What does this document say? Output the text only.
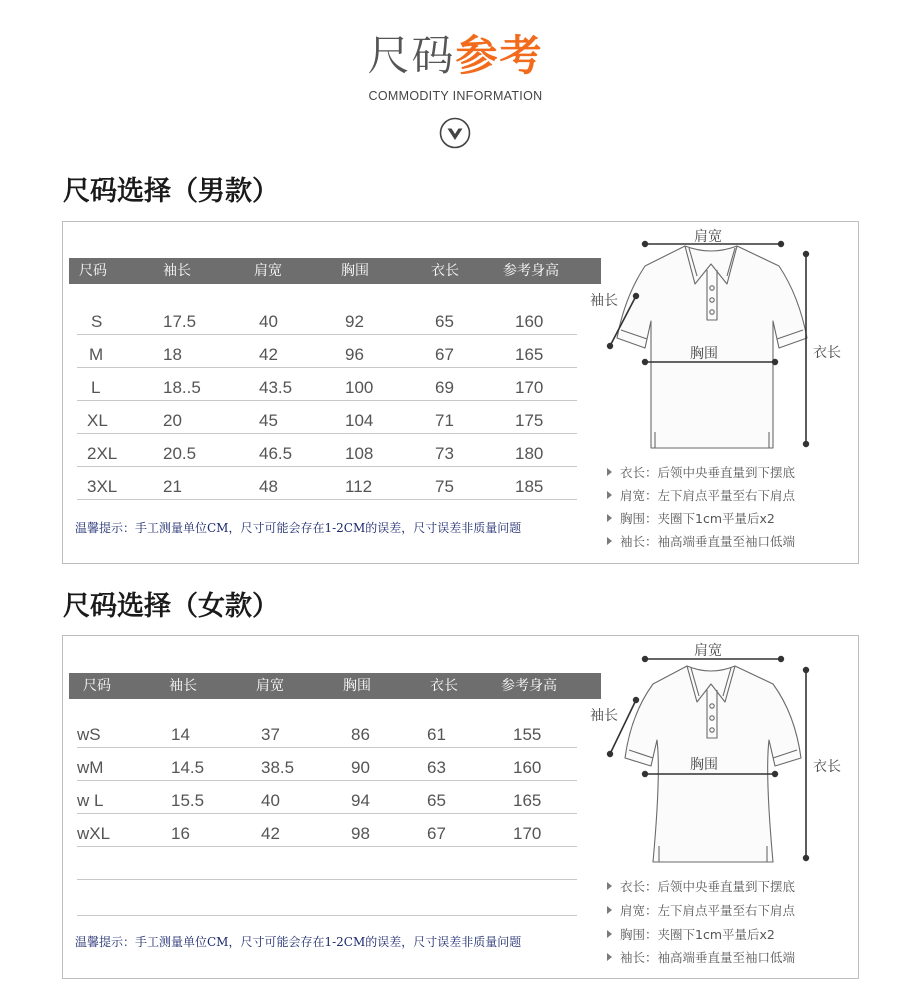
尺码参考
COMMODITY INFORMATION
尺码选择（男款）
尺码	袖长	肩宽	胸围	衣长	参考身高
S	17.5	40	92	65	160
M	18	42	96	67	165
L	18..5	43.5	100	69	170
XL	20	45	104	71	175
2XL	20.5	46.5	108	73	180
3XL	21	48	112	75	185
温馨提示：手工测量单位CM，尺寸可能会存在1-2CM的误差，尺寸误差非质量问题
肩宽
袖长
胸围	衣长
衣长：后领中央垂直量到下摆底
肩宽：左下肩点平量至右下肩点
胸围：夹圈下1cm平量后x2
袖长：袖高端垂直量至袖口低端
尺码选择（女款）
尺码	袖长	肩宽	胸围	衣长	参考身高
wS	14	37	86	61	155
wM	14.5	38.5	90	63	160
w L	15.5	40	94	65	165
wXL	16	42	98	67	170
温馨提示：手工测量单位CM，尺寸可能会存在1-2CM的误差，尺寸误差非质量问题
肩宽
袖长
胸围	衣长
衣长：后领中央垂直量到下摆底
肩宽：左下肩点平量至右下肩点
胸围：夹圈下1cm平量后x2
袖长：袖高端垂直量至袖口低端
